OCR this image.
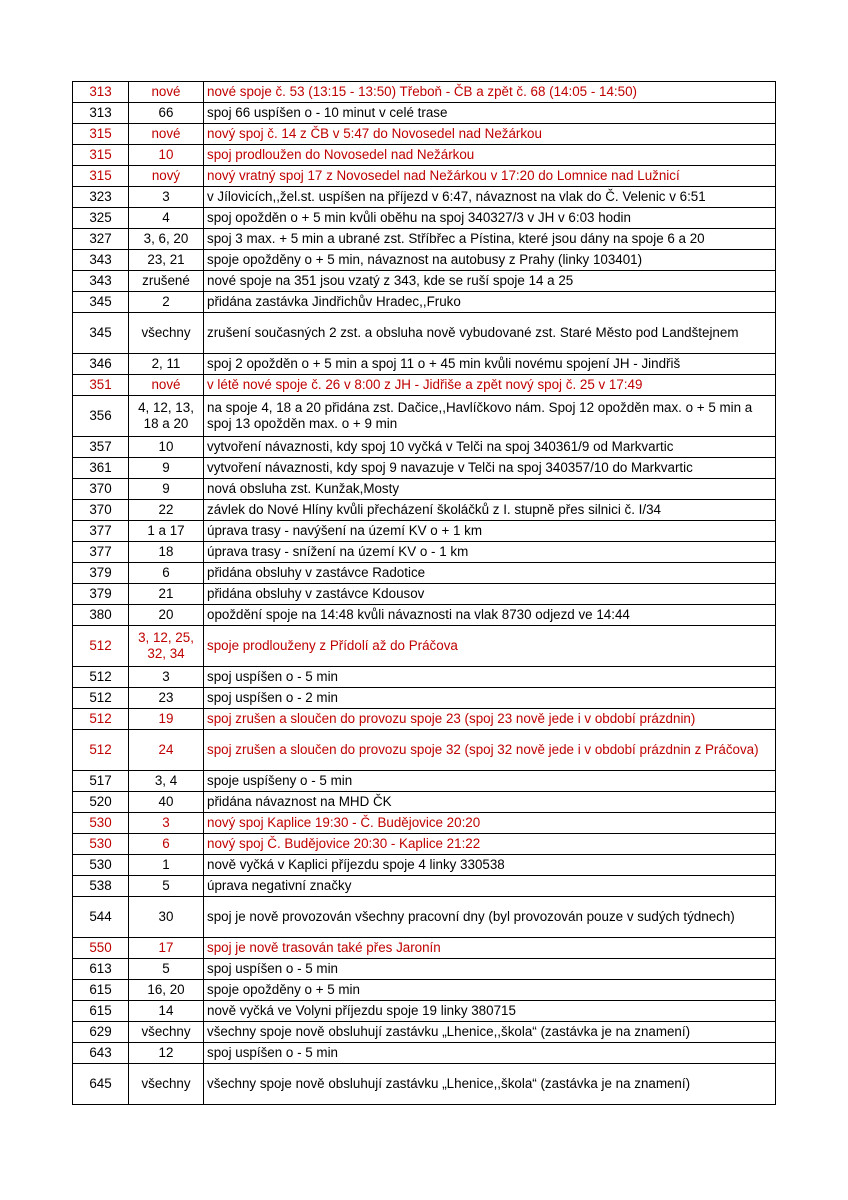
313	nové	nové spoje č. 53 (13:15 - 13:50) Třeboň - ČB a zpět č. 68 (14:05 - 14:50)
313	66	spoj 66 uspíšen o - 10 minut v celé trase
315	nové	nový spoj č. 14 z ČB v 5:47 do Novosedel nad Nežárkou
315	10	spoj prodloužen do Novosedel nad Nežárkou
315	nový	nový vratný spoj 17 z Novosedel nad Nežárkou v 17:20 do Lomnice nad Lužnicí
323	3	v Jílovicích,,žel.st. uspíšen na příjezd v 6:47, návaznost na vlak do Č. Velenic v 6:51
325	4	spoj opožděn o + 5 min kvůli oběhu na spoj 340327/3 v JH v 6:03 hodin
327	3, 6, 20	spoj 3 max. + 5 min a ubrané zst. Stříbřec a Pístina, které jsou dány na spoje 6 a 20
343	23, 21	spoje opožděny o + 5 min, návaznost na autobusy z Prahy (linky 103401)
343	zrušené	nové spoje na 351 jsou vzatý z 343, kde se ruší spoje 14 a 25
345	2	přidána zastávka Jindřichův Hradec,,Fruko
345	všechny	zrušení současných 2 zst. a obsluha nově vybudované zst. Staré Město pod Landštejnem
346	2, 11	spoj 2 opožděn o + 5 min a spoj 11 o + 45 min kvůli novému spojení JH - Jindřiš
351	nové	v létě nové spoje č. 26 v 8:00 z JH - Jidřiše a zpět nový spoj č. 25 v 17:49
356	4, 12, 13, 18 a 20	na spoje 4, 18 a 20 přidána zst. Dačice,,Havlíčkovo nám. Spoj 12 opožděn max. o + 5 min a spoj 13 opožděn max. o + 9 min
357	10	vytvoření návaznosti, kdy spoj 10 vyčká v Telči na spoj 340361/9 od Markvartic
361	9	vytvoření návaznosti, kdy spoj 9 navazuje v Telči na spoj 340357/10 do Markvartic
370	9	nová obsluha zst. Kunžak,Mosty
370	22	závlek do Nové Hlíny kvůli přecházení školáčků z I. stupně přes silnici č. I/34
377	1 a 17	úprava trasy - navýšení na území KV o + 1 km
377	18	úprava trasy - snížení na území KV o - 1 km
379	6	přidána obsluhy v zastávce Radotice
379	21	přidána obsluhy v zastávce Kdousov
380	20	opoždění spoje na 14:48 kvůli návaznosti na vlak 8730 odjezd ve 14:44
512	3, 12, 25, 32, 34	spoje prodlouženy z Přídolí až do Práčova
512	3	spoj uspíšen o - 5 min
512	23	spoj uspíšen o - 2 min
512	19	spoj zrušen a sloučen do provozu spoje 23 (spoj 23 nově jede i v období prázdnin)
512	24	spoj zrušen a sloučen do provozu spoje 32 (spoj 32 nově jede i v období prázdnin z Práčova)
517	3, 4	spoje uspíšeny o - 5 min
520	40	přidána návaznost na MHD ČK
530	3	nový spoj Kaplice 19:30 - Č. Budějovice 20:20
530	6	nový spoj Č. Budějovice 20:30 - Kaplice 21:22
530	1	nově vyčká v Kaplici příjezdu spoje 4 linky 330538
538	5	úprava negativní značky
544	30	spoj je nově provozován všechny pracovní dny (byl provozován pouze v sudých týdnech)
550	17	spoj je nově trasován také přes Jaronín
613	5	spoj uspíšen o - 5 min
615	16, 20	spoje opožděny o + 5 min
615	14	nově vyčká ve Volyni příjezdu spoje 19 linky 380715
629	všechny	všechny spoje nově obsluhují zastávku „Lhenice,,škola“ (zastávka je na znamení)
643	12	spoj uspíšen o - 5 min
645	všechny	všechny spoje nově obsluhují zastávku „Lhenice,,škola“ (zastávka je na znamení)
